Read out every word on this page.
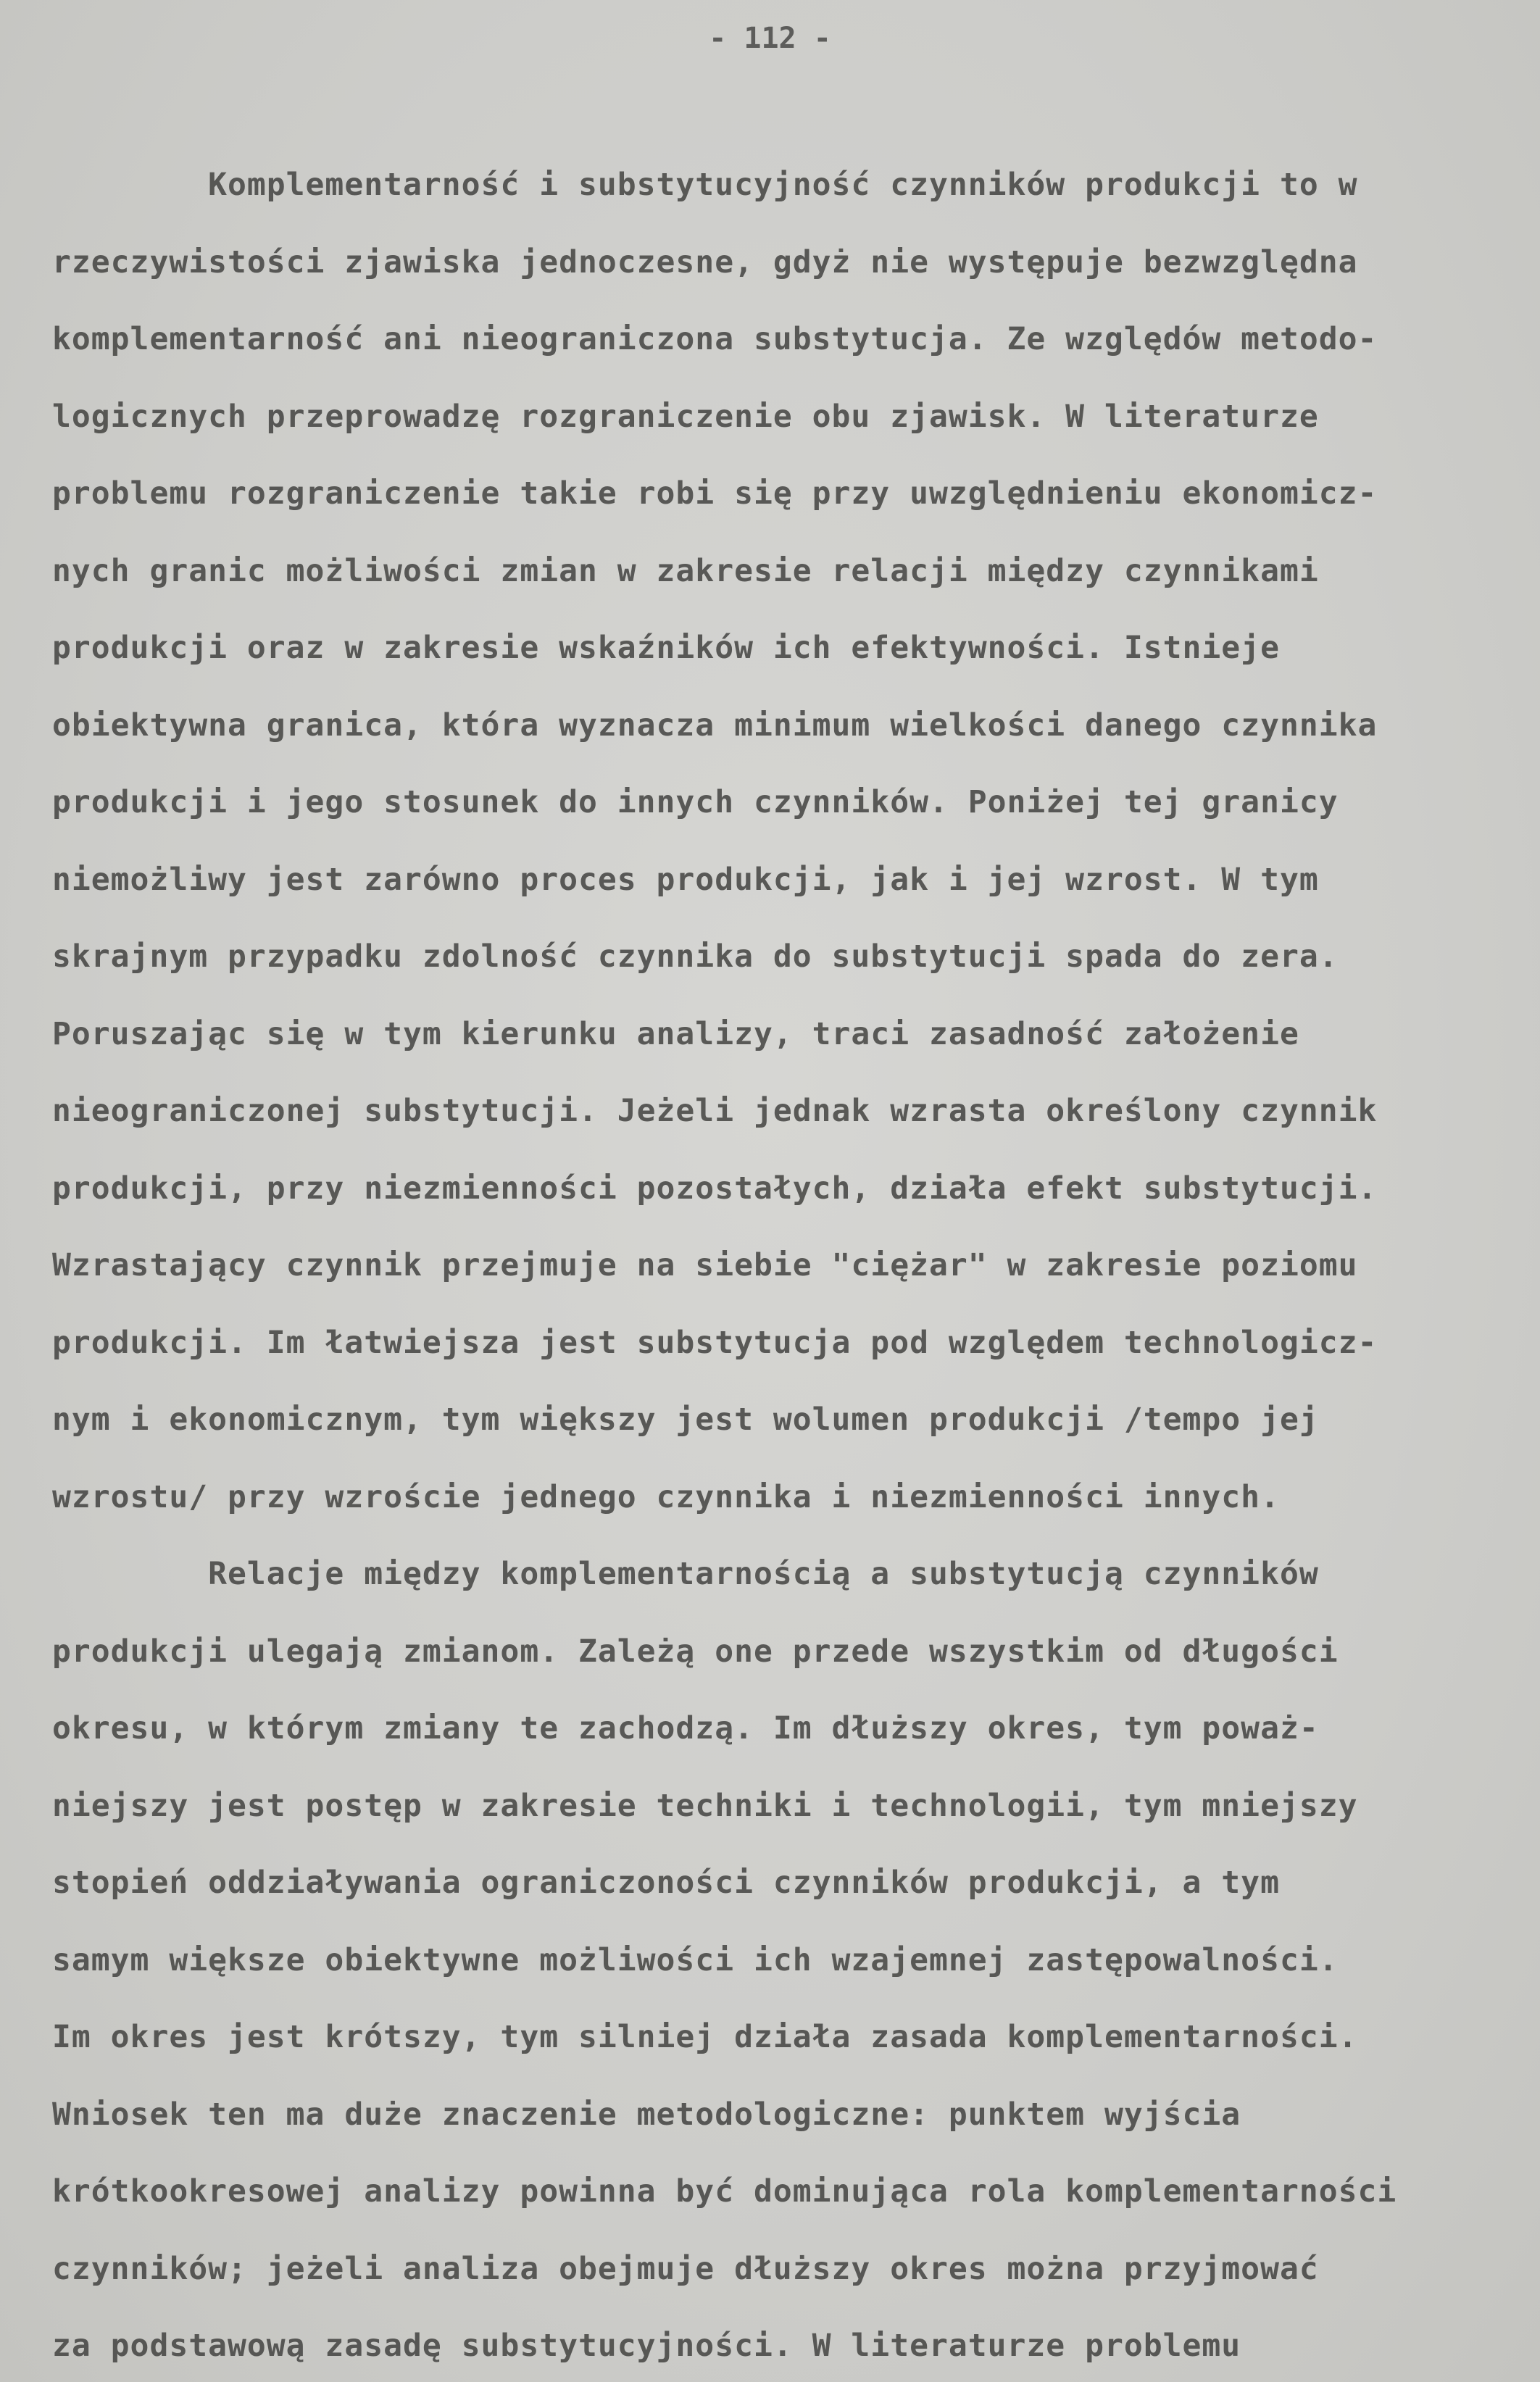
- 112 -
Komplementarność i substytucyjność czynników produkcji to w
rzeczywistości zjawiska jednoczesne, gdyż nie występuje bezwzględna
komplementarność ani nieograniczona substytucja. Ze względów metodo-
logicznych przeprowadzę rozgraniczenie obu zjawisk. W literaturze
problemu rozgraniczenie takie robi się przy uwzględnieniu ekonomicz-
nych granic możliwości zmian w zakresie relacji między czynnikami
produkcji oraz w zakresie wskaźników ich efektywności. Istnieje
obiektywna granica, która wyznacza minimum wielkości danego czynnika
produkcji i jego stosunek do innych czynników. Poniżej tej granicy
niemożliwy jest zarówno proces produkcji, jak i jej wzrost. W tym
skrajnym przypadku zdolność czynnika do substytucji spada do zera.
Poruszając się w tym kierunku analizy, traci zasadność założenie
nieograniczonej substytucji. Jeżeli jednak wzrasta określony czynnik
produkcji, przy niezmienności pozostałych, działa efekt substytucji.
Wzrastający czynnik przejmuje na siebie "ciężar" w zakresie poziomu
produkcji. Im łatwiejsza jest substytucja pod względem technologicz-
nym i ekonomicznym, tym większy jest wolumen produkcji /tempo jej
wzrostu/ przy wzroście jednego czynnika i niezmienności innych.
Relacje między komplementarnością a substytucją czynników
produkcji ulegają zmianom. Zależą one przede wszystkim od długości
okresu, w którym zmiany te zachodzą. Im dłuższy okres, tym poważ-
niejszy jest postęp w zakresie techniki i technologii, tym mniejszy
stopień oddziaływania ograniczoności czynników produkcji, a tym
samym większe obiektywne możliwości ich wzajemnej zastępowalności.
Im okres jest krótszy, tym silniej działa zasada komplementarności.
Wniosek ten ma duże znaczenie metodologiczne: punktem wyjścia
krótkookresowej analizy powinna być dominująca rola komplementarności
czynników; jeżeli analiza obejmuje dłuższy okres można przyjmować
za podstawową zasadę substytucyjności. W literaturze problemu
